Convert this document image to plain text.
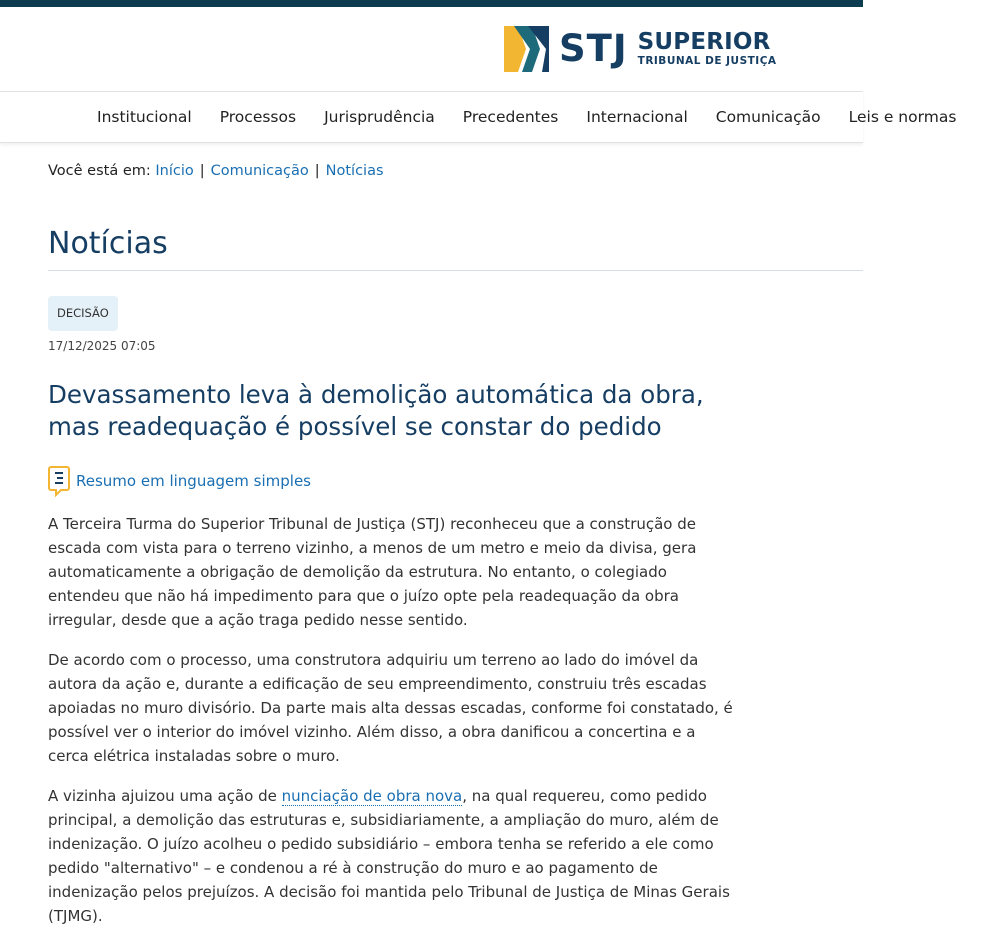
STJ SUPERIOR
TRIBUNAL DE JUSTIÇA
Institucional Processos Jurisprudência Precedentes Internacional Comunicação Leis e normas
Você está em: Início | Comunicação | Notícias
Notícias
DECISÃO
17/12/2025 07:05
Devassamento leva à demolição automática da obra, mas readequação é possível se constar do pedido
Resumo em linguagem simples

A Terceira Turma do Superior Tribunal de Justiça (STJ) reconheceu que a construção de escada com vista para o terreno vizinho, a menos de um metro e meio da divisa, gera automaticamente a obrigação de demolição da estrutura. No entanto, o colegiado entendeu que não há impedimento para que o juízo opte pela readequação da obra irregular, desde que a ação traga pedido nesse sentido.

De acordo com o processo, uma construtora adquiriu um terreno ao lado do imóvel da autora da ação e, durante a edificação de seu empreendimento, construiu três escadas apoiadas no muro divisório. Da parte mais alta dessas escadas, conforme foi constatado, é possível ver o interior do imóvel vizinho. Além disso, a obra danificou a concertina e a cerca elétrica instaladas sobre o muro.

A vizinha ajuizou uma ação de nunciação de obra nova, na qual requereu, como pedido principal, a demolição das estruturas e, subsidiariamente, a ampliação do muro, além de indenização. O juízo acolheu o pedido subsidiário – embora tenha se referido a ele como pedido "alternativo" – e condenou a ré à construção do muro e ao pagamento de indenização pelos prejuízos. A decisão foi mantida pelo Tribunal de Justiça de Minas Gerais (TJMG).
